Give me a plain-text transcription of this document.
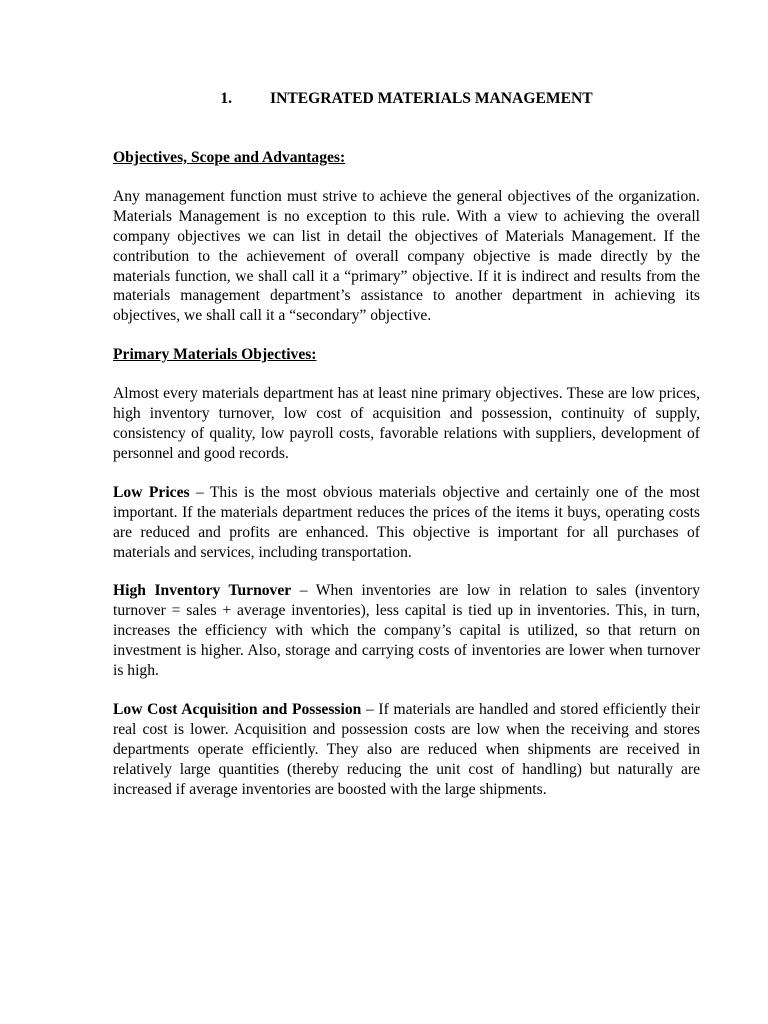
1. INTEGRATED MATERIALS MANAGEMENT
Objectives, Scope and Advantages:

Any management function must strive to achieve the general objectives of the organization. Materials Management is no exception to this rule. With a view to achieving the overall company objectives we can list in detail the objectives of Materials Management. If the contribution to the achievement of overall company objective is made directly by the materials function, we shall call it a “primary” objective. If it is indirect and results from the materials management department’s assistance to another department in achieving its objectives, we shall call it a “secondary” objective.

Primary Materials Objectives:

Almost every materials department has at least nine primary objectives. These are low prices, high inventory turnover, low cost of acquisition and possession, continuity of supply, consistency of quality, low payroll costs, favorable relations with suppliers, development of personnel and good records.

Low Prices – This is the most obvious materials objective and certainly one of the most important. If the materials department reduces the prices of the items it buys, operating costs are reduced and profits are enhanced. This objective is important for all purchases of materials and services, including transportation.

High Inventory Turnover – When inventories are low in relation to sales (inventory turnover = sales + average inventories), less capital is tied up in inventories. This, in turn, increases the efficiency with which the company’s capital is utilized, so that return on investment is higher. Also, storage and carrying costs of inventories are lower when turnover is high.

Low Cost Acquisition and Possession – If materials are handled and stored efficiently their real cost is lower. Acquisition and possession costs are low when the receiving and stores departments operate efficiently. They also are reduced when shipments are received in relatively large quantities (thereby reducing the unit cost of handling) but naturally are increased if average inventories are boosted with the large shipments.
